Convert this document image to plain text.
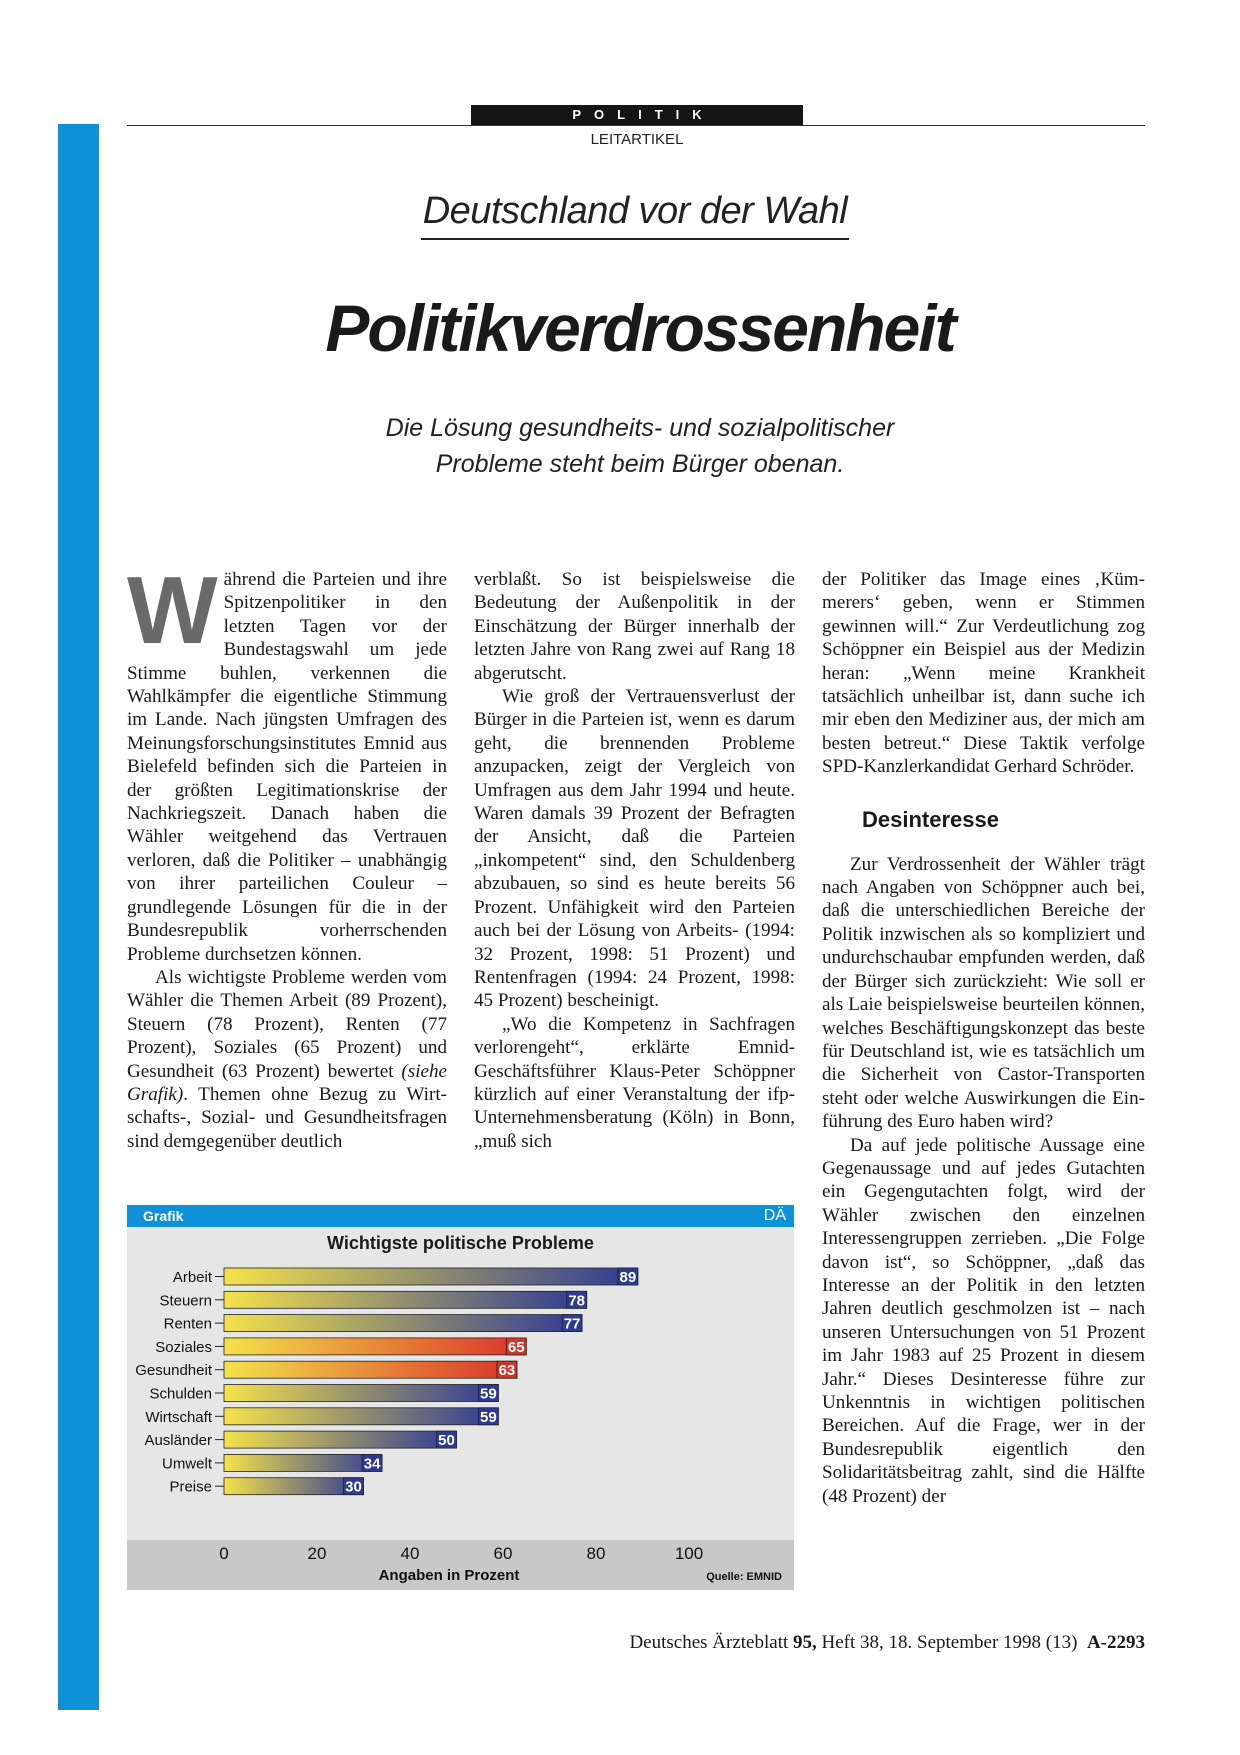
POLITIK
LEITARTIKEL
Deutschland vor der Wahl
Politikverdrossenheit
Die Lösung gesundheits- und sozialpolitischer
Probleme steht beim Bürger obenan.

Während die Parteien und ihre Spitzenpolitiker in den letzten Tagen vor der Bundestagswahl um jede Stimme buhlen, verkennen die Wahlkämpfer die eigentliche Stimmung im Lande. Nach jüngsten Umfragen des Meinungsforschungsinstitutes Emnid aus Bielefeld befinden sich die Parteien in der größten Legitimationskrise der Nachkriegszeit. Danach haben die Wähler weitgehend das Vertrauen verloren, daß die Politiker – unabhängig von ihrer parteilichen Couleur – grundlegende Lösungen für die in der Bundesrepublik vorherrschenden Probleme durchsetzen können.

Als wichtigste Probleme werden vom Wähler die Themen Arbeit (89 Prozent), Steuern (78 Prozent), Renten (77 Prozent), Soziales (65 Prozent) und Gesundheit (63 Prozent) bewertet (siehe Grafik). Themen ohne Bezug zu Wirtschafts-, Sozial- und Gesundheitsfragen sind demgegenüber deutlich

verblaßt. So ist beispielsweise die Bedeutung der Außenpolitik in der Einschätzung der Bürger innerhalb der letzten Jahre von Rang zwei auf Rang 18 abgerutscht.

Wie groß der Vertrauensverlust der Bürger in die Parteien ist, wenn es darum geht, die brennenden Probleme anzupacken, zeigt der Vergleich von Umfragen aus dem Jahr 1994 und heute. Waren damals 39 Prozent der Befragten der Ansicht, daß die Parteien „inkompetent“ sind, den Schuldenberg abzubauen, so sind es heute bereits 56 Prozent. Unfähigkeit wird den Parteien auch bei der Lösung von Arbeits- (1994: 32 Prozent, 1998: 51 Prozent) und Rentenfragen (1994: 24 Prozent, 1998: 45 Prozent) bescheinigt.

„Wo die Kompetenz in Sachfragen verlorengeht“, erklärte Emnid-Geschäftsführer Klaus-Peter Schöppner kürzlich auf einer Veranstaltung der ifp-Unternehmensberatung (Köln) in Bonn, „muß sich

der Politiker das Image eines ‚Kümmerers‘ geben, wenn er Stimmen gewinnen will.“ Zur Verdeutlichung zog Schöppner ein Beispiel aus der Medizin heran: „Wenn meine Krankheit tatsächlich unheilbar ist, dann suche ich mir eben den Mediziner aus, der mich am besten betreut.“ Diese Taktik verfolge SPD-Kanzlerkandidat Gerhard Schröder.

Desinteresse

Zur Verdrossenheit der Wähler trägt nach Angaben von Schöppner auch bei, daß die unterschiedlichen Bereiche der Politik inzwischen als so kompliziert und undurchschaubar empfunden werden, daß der Bürger sich zurückzieht: Wie soll er als Laie beispielsweise beurteilen können, welches Beschäftigungskonzept das beste für Deutschland ist, wie es tatsächlich um die Sicherheit von Castor-Transporten steht oder welche Auswirkungen die Einführung des Euro haben wird?

Da auf jede politische Aussage eine Gegenaussage und auf jedes Gutachten ein Gegengutachten folgt, wird der Wähler zwischen den einzelnen Interessengruppen zerrieben. „Die Folge davon ist“, so Schöppner, „daß das Interesse an der Politik in den letzten Jahren deutlich geschmolzen ist – nach unseren Untersuchungen von 51 Prozent im Jahr 1983 auf 25 Prozent in diesem Jahr.“ Dieses Desinteresse führe zur Unkenntnis in wichtigen politischen Bereichen. Auf die Frage, wer in der Bundesrepublik eigentlich den Solidaritätsbeitrag zahlt, sind die Hälfte (48 Prozent) der

Grafik	DÄ
Wichtigste politische Probleme
Arbeit	89
Steuern	78
Renten	77
Soziales	65
Gesundheit	63
Schulden	59
Wirtschaft	59
Ausländer	50
Umwelt	34
Preise	30
0	20	40	60	80	100
Angaben in Prozent	Quelle: EMNID
Deutsches Ärzteblatt 95, Heft 38, 18. September 1998 (13) A-2293
